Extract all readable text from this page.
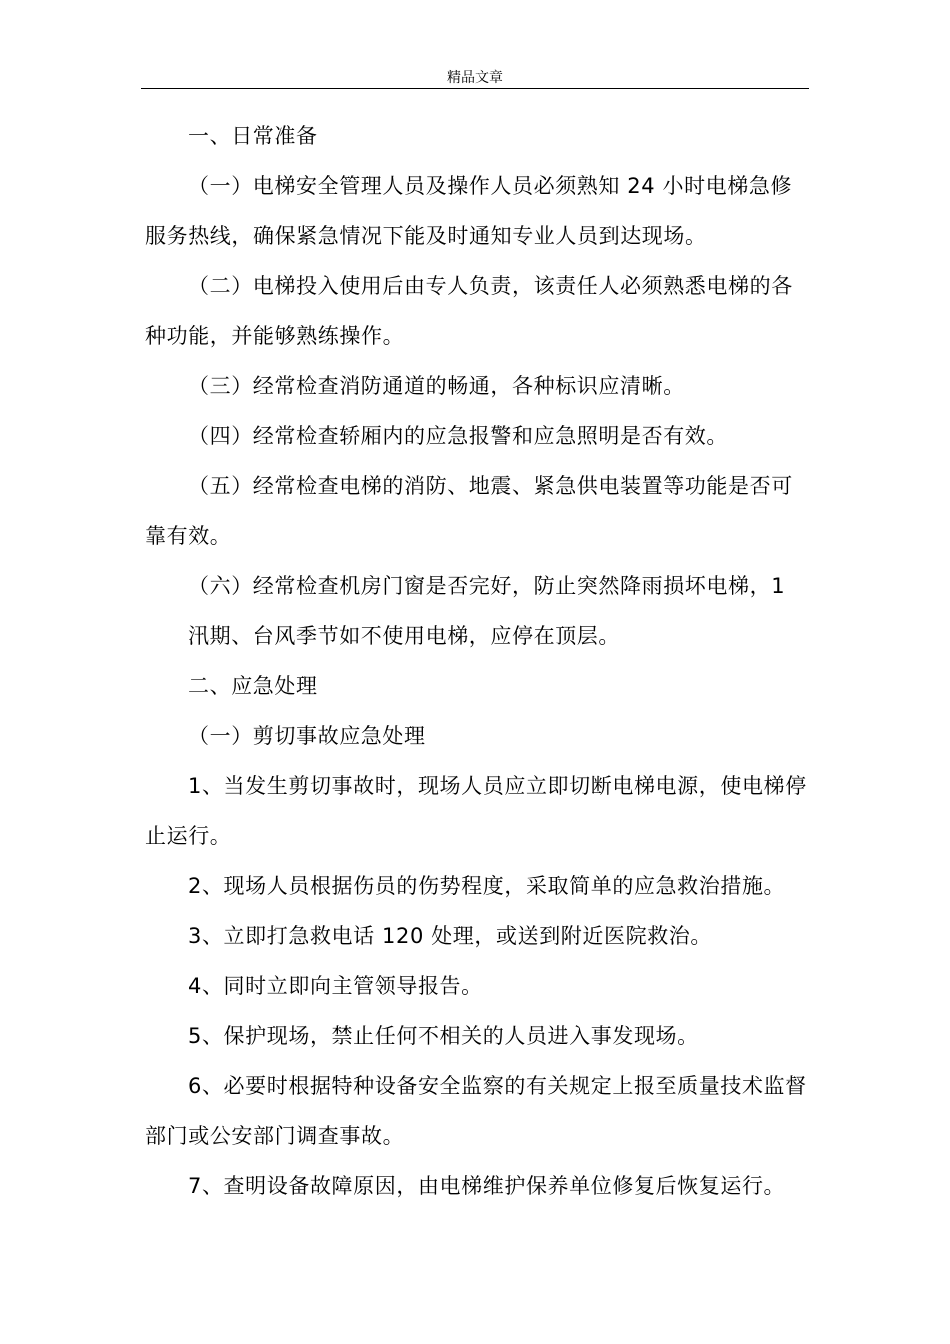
精品文章

一、日常准备

（一）电梯安全管理人员及操作人员必须熟知 24 小时电梯急修服务热线，确保紧急情况下能及时通知专业人员到达现场。

（二）电梯投入使用后由专人负责，该责任人必须熟悉电梯的各种功能，并能够熟练操作。

（三）经常检查消防通道的畅通，各种标识应清晰。

（四）经常检查轿厢内的应急报警和应急照明是否有效。

（五）经常检查电梯的消防、地震、紧急供电装置等功能是否可靠有效。

（六）经常检查机房门窗是否完好，防止突然降雨损坏电梯，1

汛期、台风季节如不使用电梯，应停在顶层。

二、应急处理

（一）剪切事故应急处理

1、当发生剪切事故时，现场人员应立即切断电梯电源，使电梯停止运行。

2、现场人员根据伤员的伤势程度，采取简单的应急救治措施。

3、立即打急救电话 120 处理，或送到附近医院救治。

4、同时立即向主管领导报告。

5、保护现场，禁止任何不相关的人员进入事发现场。

6、必要时根据特种设备安全监察的有关规定上报至质量技术监督部门或公安部门调查事故。

7、查明设备故障原因，由电梯维护保养单位修复后恢复运行。
